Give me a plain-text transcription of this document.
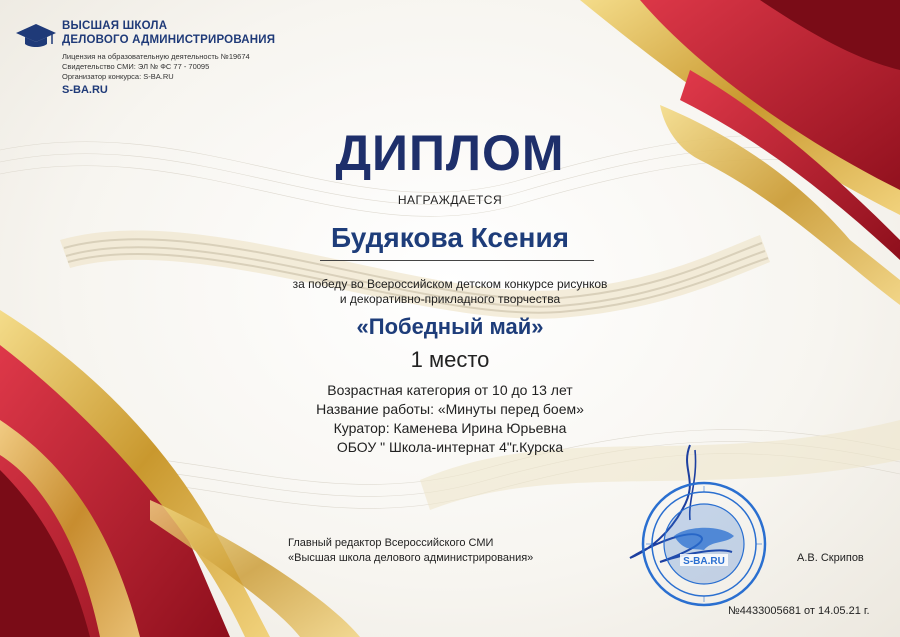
ВЫСШАЯ ШКОЛА
ДЕЛОВОГО АДМИНИСТРИРОВАНИЯ
Лицензия на образовательную деятельность №19674
Свидетельство СМИ: ЭЛ № ФС 77 - 70095
Организатор конкурса: S-BA.RU
S-BA.RU
ДИПЛОМ
НАГРАЖДАЕТСЯ
Будякова Ксения
за победу во Всероссийском детском конкурсе рисунков
и декоративно-прикладного творчества
«Победный май»
1 место
Возрастная категория от 10 до 13 лет
Название работы: «Минуты перед боем»
Куратор: Каменева Ирина Юрьевна
ОБОУ " Школа-интернат 4"г.Курска
S-BA.RU
Главный редактор Всероссийского СМИ
«Высшая школа делового администрирования»	А.В. Скрипов
№4433005681 от 14.05.21 г.
